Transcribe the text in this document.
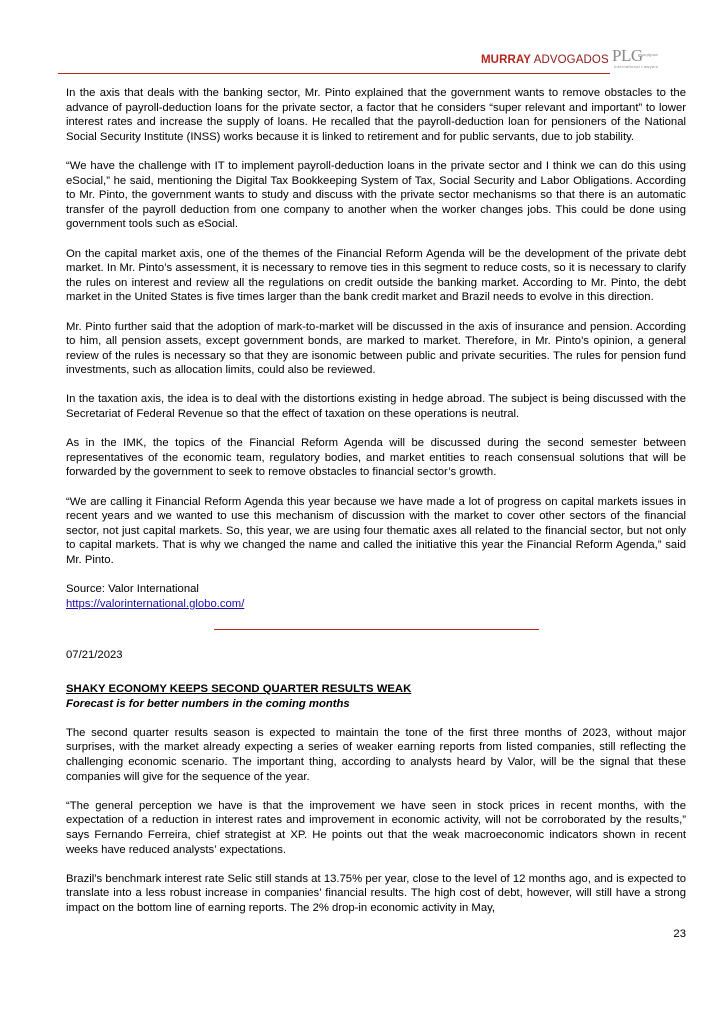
MURRAY ADVOGADOS PLG
www.plg.law
International Lawyers

In the axis that deals with the banking sector, Mr. Pinto explained that the government wants to remove obstacles to the advance of payroll-deduction loans for the private sector, a factor that he considers “super relevant and important” to lower interest rates and increase the supply of loans. He recalled that the payroll-deduction loan for pensioners of the National Social Security Institute (INSS) works because it is linked to retirement and for public servants, due to job stability.

“We have the challenge with IT to implement payroll-deduction loans in the private sector and I think we can do this using eSocial,” he said, mentioning the Digital Tax Bookkeeping System of Tax, Social Security and Labor Obligations. According to Mr. Pinto, the government wants to study and discuss with the private sector mechanisms so that there is an automatic transfer of the payroll deduction from one company to another when the worker changes jobs. This could be done using government tools such as eSocial.

On the capital market axis, one of the themes of the Financial Reform Agenda will be the development of the private debt market. In Mr. Pinto’s assessment, it is necessary to remove ties in this segment to reduce costs, so it is necessary to clarify the rules on interest and review all the regulations on credit outside the banking market. According to Mr. Pinto, the debt market in the United States is five times larger than the bank credit market and Brazil needs to evolve in this direction.

Mr. Pinto further said that the adoption of mark-to-market will be discussed in the axis of insurance and pension. According to him, all pension assets, except government bonds, are marked to market. Therefore, in Mr. Pinto’s opinion, a general review of the rules is necessary so that they are isonomic between public and private securities. The rules for pension fund investments, such as allocation limits, could also be reviewed.

In the taxation axis, the idea is to deal with the distortions existing in hedge abroad. The subject is being discussed with the Secretariat of Federal Revenue so that the effect of taxation on these operations is neutral.

As in the IMK, the topics of the Financial Reform Agenda will be discussed during the second semester between representatives of the economic team, regulatory bodies, and market entities to reach consensual solutions that will be forwarded by the government to seek to remove obstacles to financial sector’s growth.

“We are calling it Financial Reform Agenda this year because we have made a lot of progress on capital markets issues in recent years and we wanted to use this mechanism of discussion with the market to cover other sectors of the financial sector, not just capital markets. So, this year, we are using four thematic axes all related to the financial sector, but not only to capital markets. That is why we changed the name and called the initiative this year the Financial Reform Agenda,” said Mr. Pinto.

Source: Valor International
https://valorinternational.globo.com/

07/21/2023

SHAKY ECONOMY KEEPS SECOND QUARTER RESULTS WEAK

Forecast is for better numbers in the coming months

The second quarter results season is expected to maintain the tone of the first three months of 2023, without major surprises, with the market already expecting a series of weaker earning reports from listed companies, still reflecting the challenging economic scenario. The important thing, according to analysts heard by Valor, will be the signal that these companies will give for the sequence of the year.

“The general perception we have is that the improvement we have seen in stock prices in recent months, with the expectation of a reduction in interest rates and improvement in economic activity, will not be corroborated by the results,” says Fernando Ferreira, chief strategist at XP. He points out that the weak macroeconomic indicators shown in recent weeks have reduced analysts’ expectations.

Brazil’s benchmark interest rate Selic still stands at 13.75% per year, close to the level of 12 months ago, and is expected to translate into a less robust increase in companies’ financial results. The high cost of debt, however, will still have a strong impact on the bottom line of earning reports. The 2% drop-in economic activity in May,

23
